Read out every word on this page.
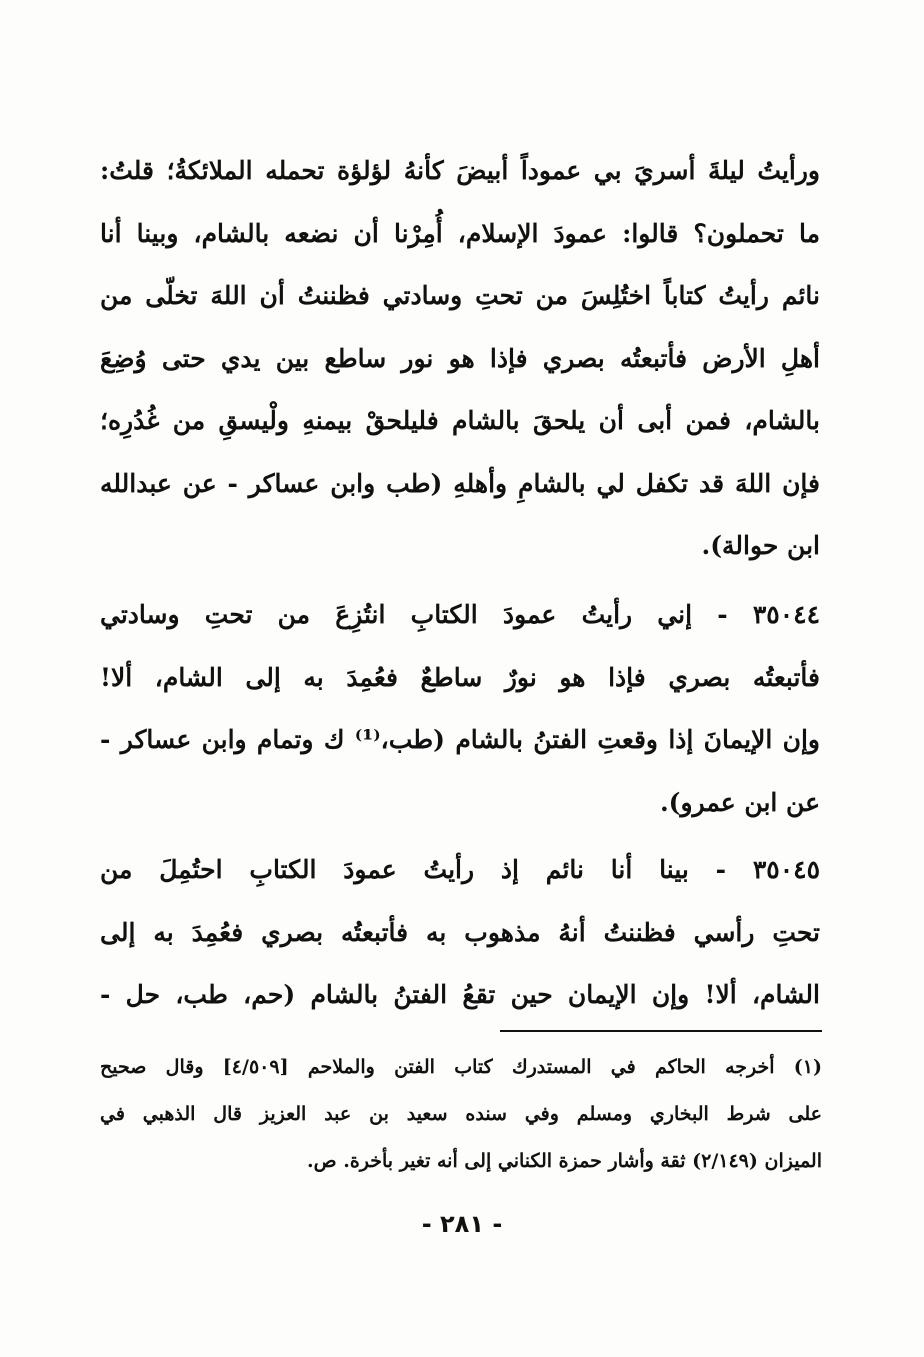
ورأيتُ ليلةَ أسريَ بي عموداً أبيضَ كأنهُ لؤلؤة تحمله الملائكةُ؛ قلتُ:
ما تحملون؟ قالوا: عمودَ الإسلام، أُمِرْنا أن نضعه بالشام، وبينا أنا
نائم رأيتُ كتاباً اختُلِسَ من تحتِ وسادتي فظننتُ أن اللهَ تخلّى من
أهلِ الأرض فأتبعتُه بصري فإذا هو نور ساطع بين يدي حتى وُضِعَ
بالشام، فمن أبى أن يلحقَ بالشام فليلحقْ بيمنهِ ولْيسقِ من غُدُرِه؛
فإن اللهَ قد تكفل لي بالشامِ وأهلهِ (طب وابن عساكر - عن عبدالله
ابن حوالة).
٣٥٠٤٤ - إني رأيتُ عمودَ الكتابِ انتُزِعَ من تحتِ وسادتي
فأتبعتُه بصري فإذا هو نورٌ ساطعٌ فعُمِدَ به إلى الشام، ألا!
وإن الإيمانَ إذا وقعتِ الفتنُ بالشام (طب،⁽¹⁾ ك وتمام وابن عساكر -
عن ابن عمرو).
٣٥٠٤٥ - بينا أنا نائم إذ رأيتُ عمودَ الكتابِ احتُمِلَ من
تحتِ رأسي فظننتُ أنهُ مذهوب به فأتبعتُه بصري فعُمِدَ به إلى
الشام، ألا! وإن الإيمان حين تقعُ الفتنُ بالشام (حم، طب، حل -
(١) أخرجه الحاكم في المستدرك كتاب الفتن والملاحم [٤/٥٠٩] وقال صحيح
على شرط البخاري ومسلم وفي سنده سعيد بن عبد العزيز قال الذهبي في
الميزان (٢/١٤٩) ثقة وأشار حمزة الكناني إلى أنه تغير بأخرة. ص.
- ٢٨١ -
